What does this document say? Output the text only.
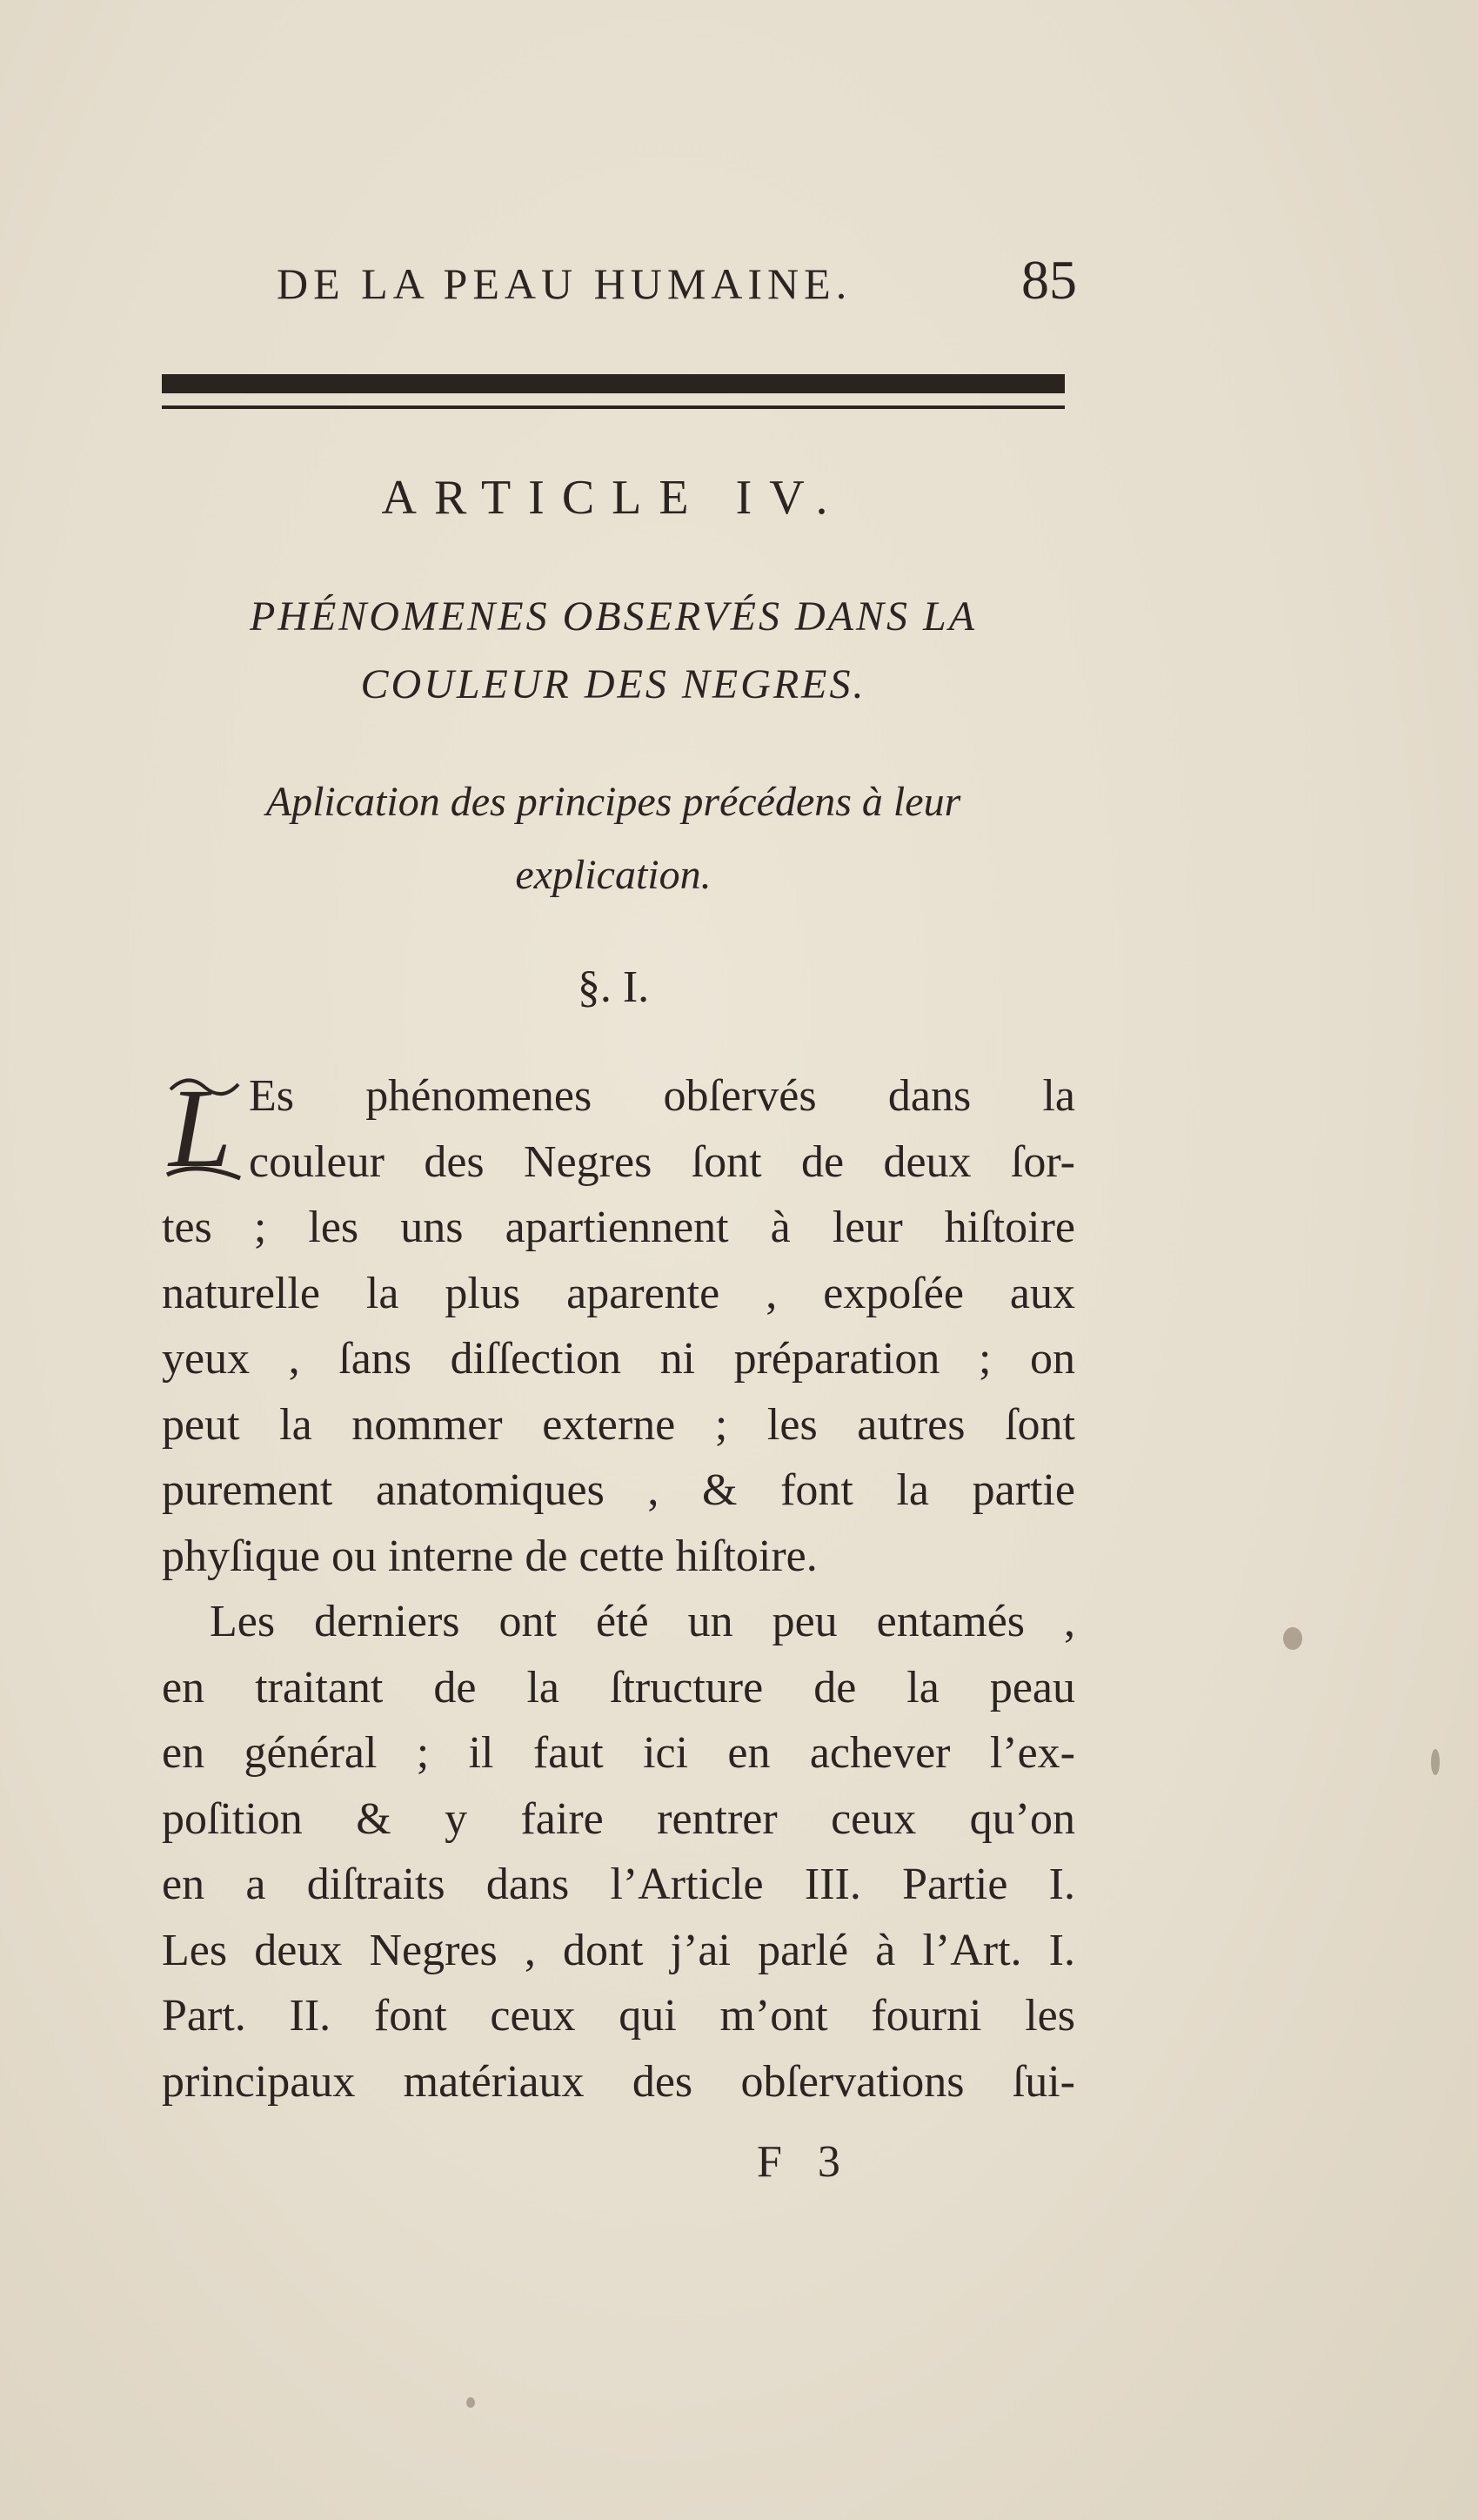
DE LA PEAU HUMAINE.	85
ARTICLE IV.
PHÉNOMENES OBSERVÉS DANS LA
COULEUR DES NEGRES.
Aplication des principes précédens à leur
explication.
§. I.
L Es phénomenes obſervés dans la
couleur des Negres ſont de deux ſor-
tes ; les uns apartiennent à leur hiſtoire
naturelle la plus aparente , expoſée aux
yeux , ſans diſſection ni préparation ; on
peut la nommer externe ; les autres ſont
purement anatomiques , & font la partie
phyſique ou interne de cette hiſtoire.
Les derniers ont été un peu entamés ,
en traitant de la ſtructure de la peau
en général ; il faut ici en achever l’ex-
poſition & y faire rentrer ceux qu’on
en a diſtraits dans l’Article III. Partie I.
Les deux Negres , dont j’ai parlé à l’Art. I.
Part. II. font ceux qui m’ont fourni les
principaux matériaux des obſervations ſui-
F 3
